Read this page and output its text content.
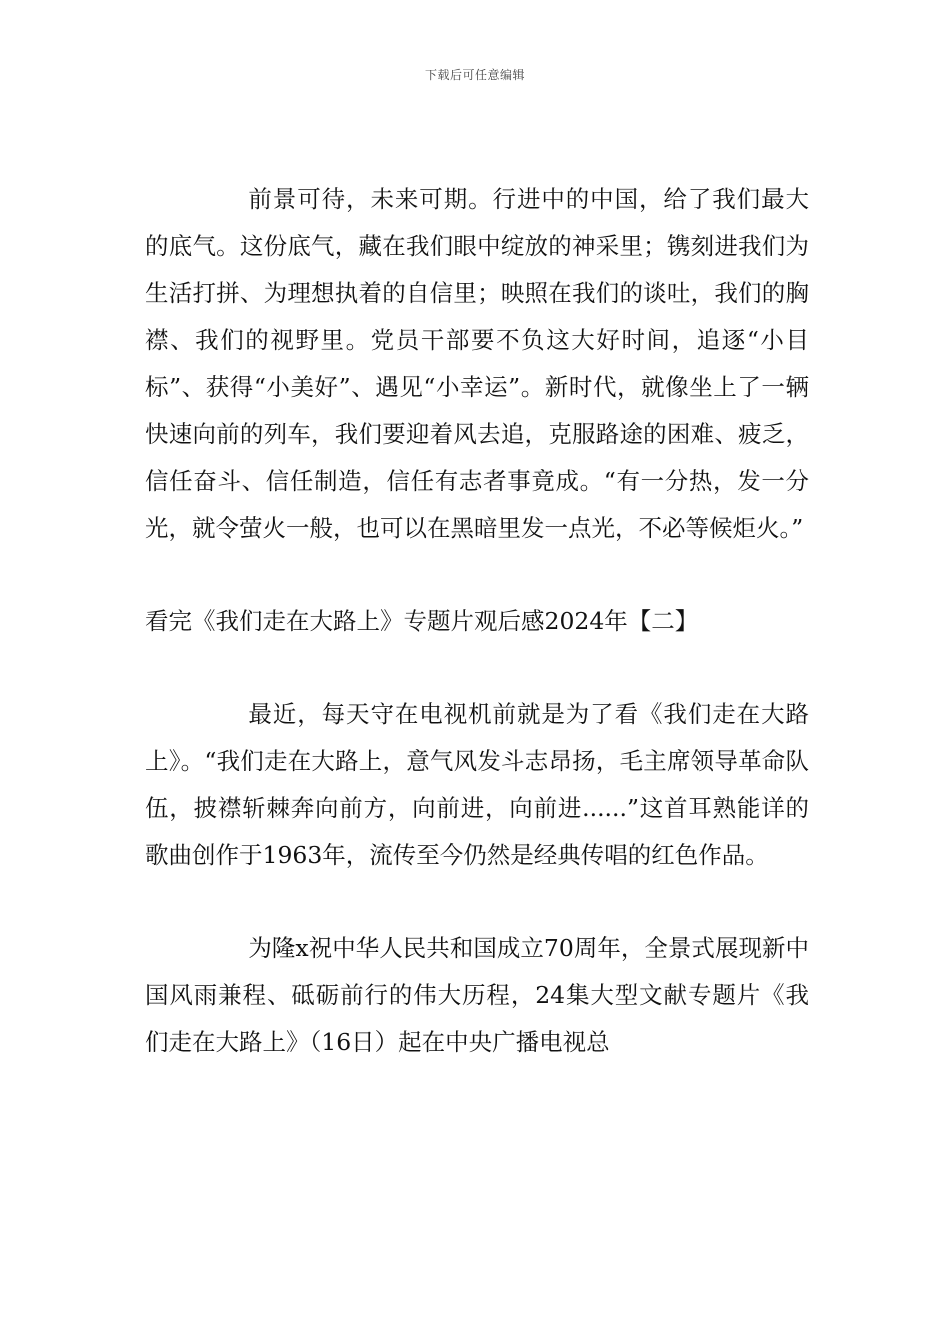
下载后可任意编辑

前景可待，未来可期。行进中的中国，给了我们最大的底气。这份底气，藏在我们眼中绽放的神采里；镌刻进我们为生活打拼、为理想执着的自信里；映照在我们的谈吐，我们的胸襟、我们的视野里。党员干部要不负这大好时间，追逐“小目标”、获得“小美好”、遇见“小幸运”。新时代，就像坐上了一辆快速向前的列车，我们要迎着风去追，克服路途的困难、疲乏，信任奋斗、信任制造，信任有志者事竟成。“有一分热，发一分光，就令萤火一般，也可以在黑暗里发一点光，不必等候炬火。”

看完《我们走在大路上》专题片观后感2024年【二】

最近，每天守在电视机前就是为了看《我们走在大路上》。“我们走在大路上，意气风发斗志昂扬，毛主席领导革命队伍，披襟斩棘奔向前方，向前进，向前进......”这首耳熟能详的歌曲创作于1963年，流传至今仍然是经典传唱的红色作品。

为隆x祝中华人民共和国成立70周年，全景式展现新中国风雨兼程、砥砺前行的伟大历程，24集大型文献专题片《我们走在大路上》（16日）起在中央广播电视总
